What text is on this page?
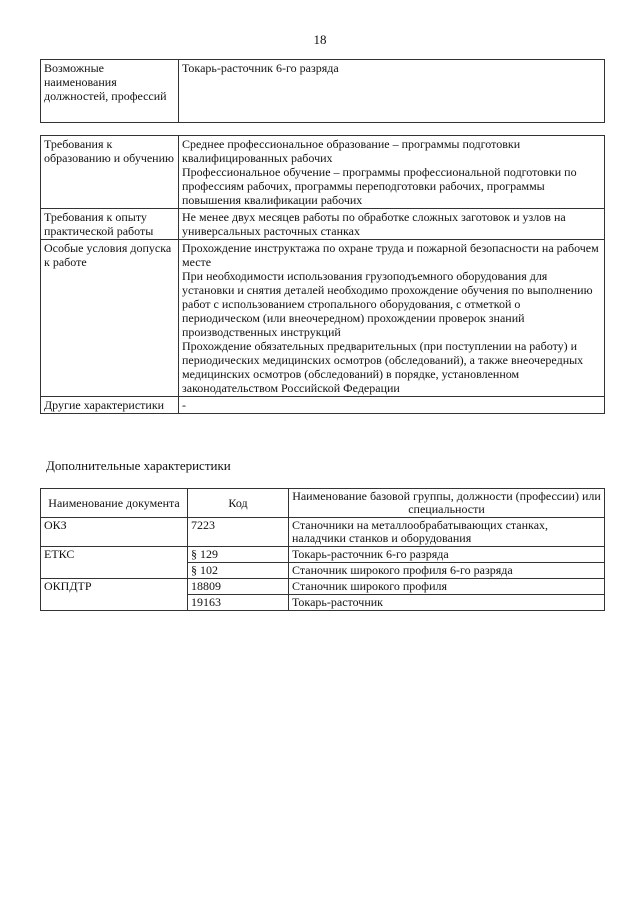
18
Возможные наименования должностей, профессий	Токарь-расточник 6-го разряда
Требования к образованию и обучению	Среднее профессиональное образование – программы подготовки квалифицированных рабочих
Профессиональное обучение – программы профессиональной подготовки по профессиям рабочих, программы переподготовки рабочих, программы повышения квалификации рабочих

Требования к опыту практической работы	Не менее двух месяцев работы по обработке сложных заготовок и узлов на универсальных расточных станках

Особые условия допуска к работе	Прохождение инструктажа по охране труда и пожарной безопасности на рабочем месте
При необходимости использования грузоподъемного оборудования для установки и снятия деталей необходимо прохождение обучения по выполнению работ с использованием стропального оборудования, с отметкой о периодическом (или внеочередном) прохождении проверок знаний производственных инструкций
Прохождение обязательных предварительных (при поступлении на работу) и периодических медицинских осмотров (обследований), а также внеочередных медицинских осмотров (обследований) в порядке, установленном законодательством Российской Федерации

Другие характеристики	-
Дополнительные характеристики
Наименование документа	Код	Наименование базовой группы, должности (профессии) или специальности
ОКЗ	7223	Станочники на металлообрабатывающих станках, наладчики станков и оборудования
ЕТКС	§ 129	Токарь-расточник 6-го разряда
	§ 102	Станочник широкого профиля 6-го разряда
ОКПДТР	18809	Станочник широкого профиля
	19163	Токарь-расточник
